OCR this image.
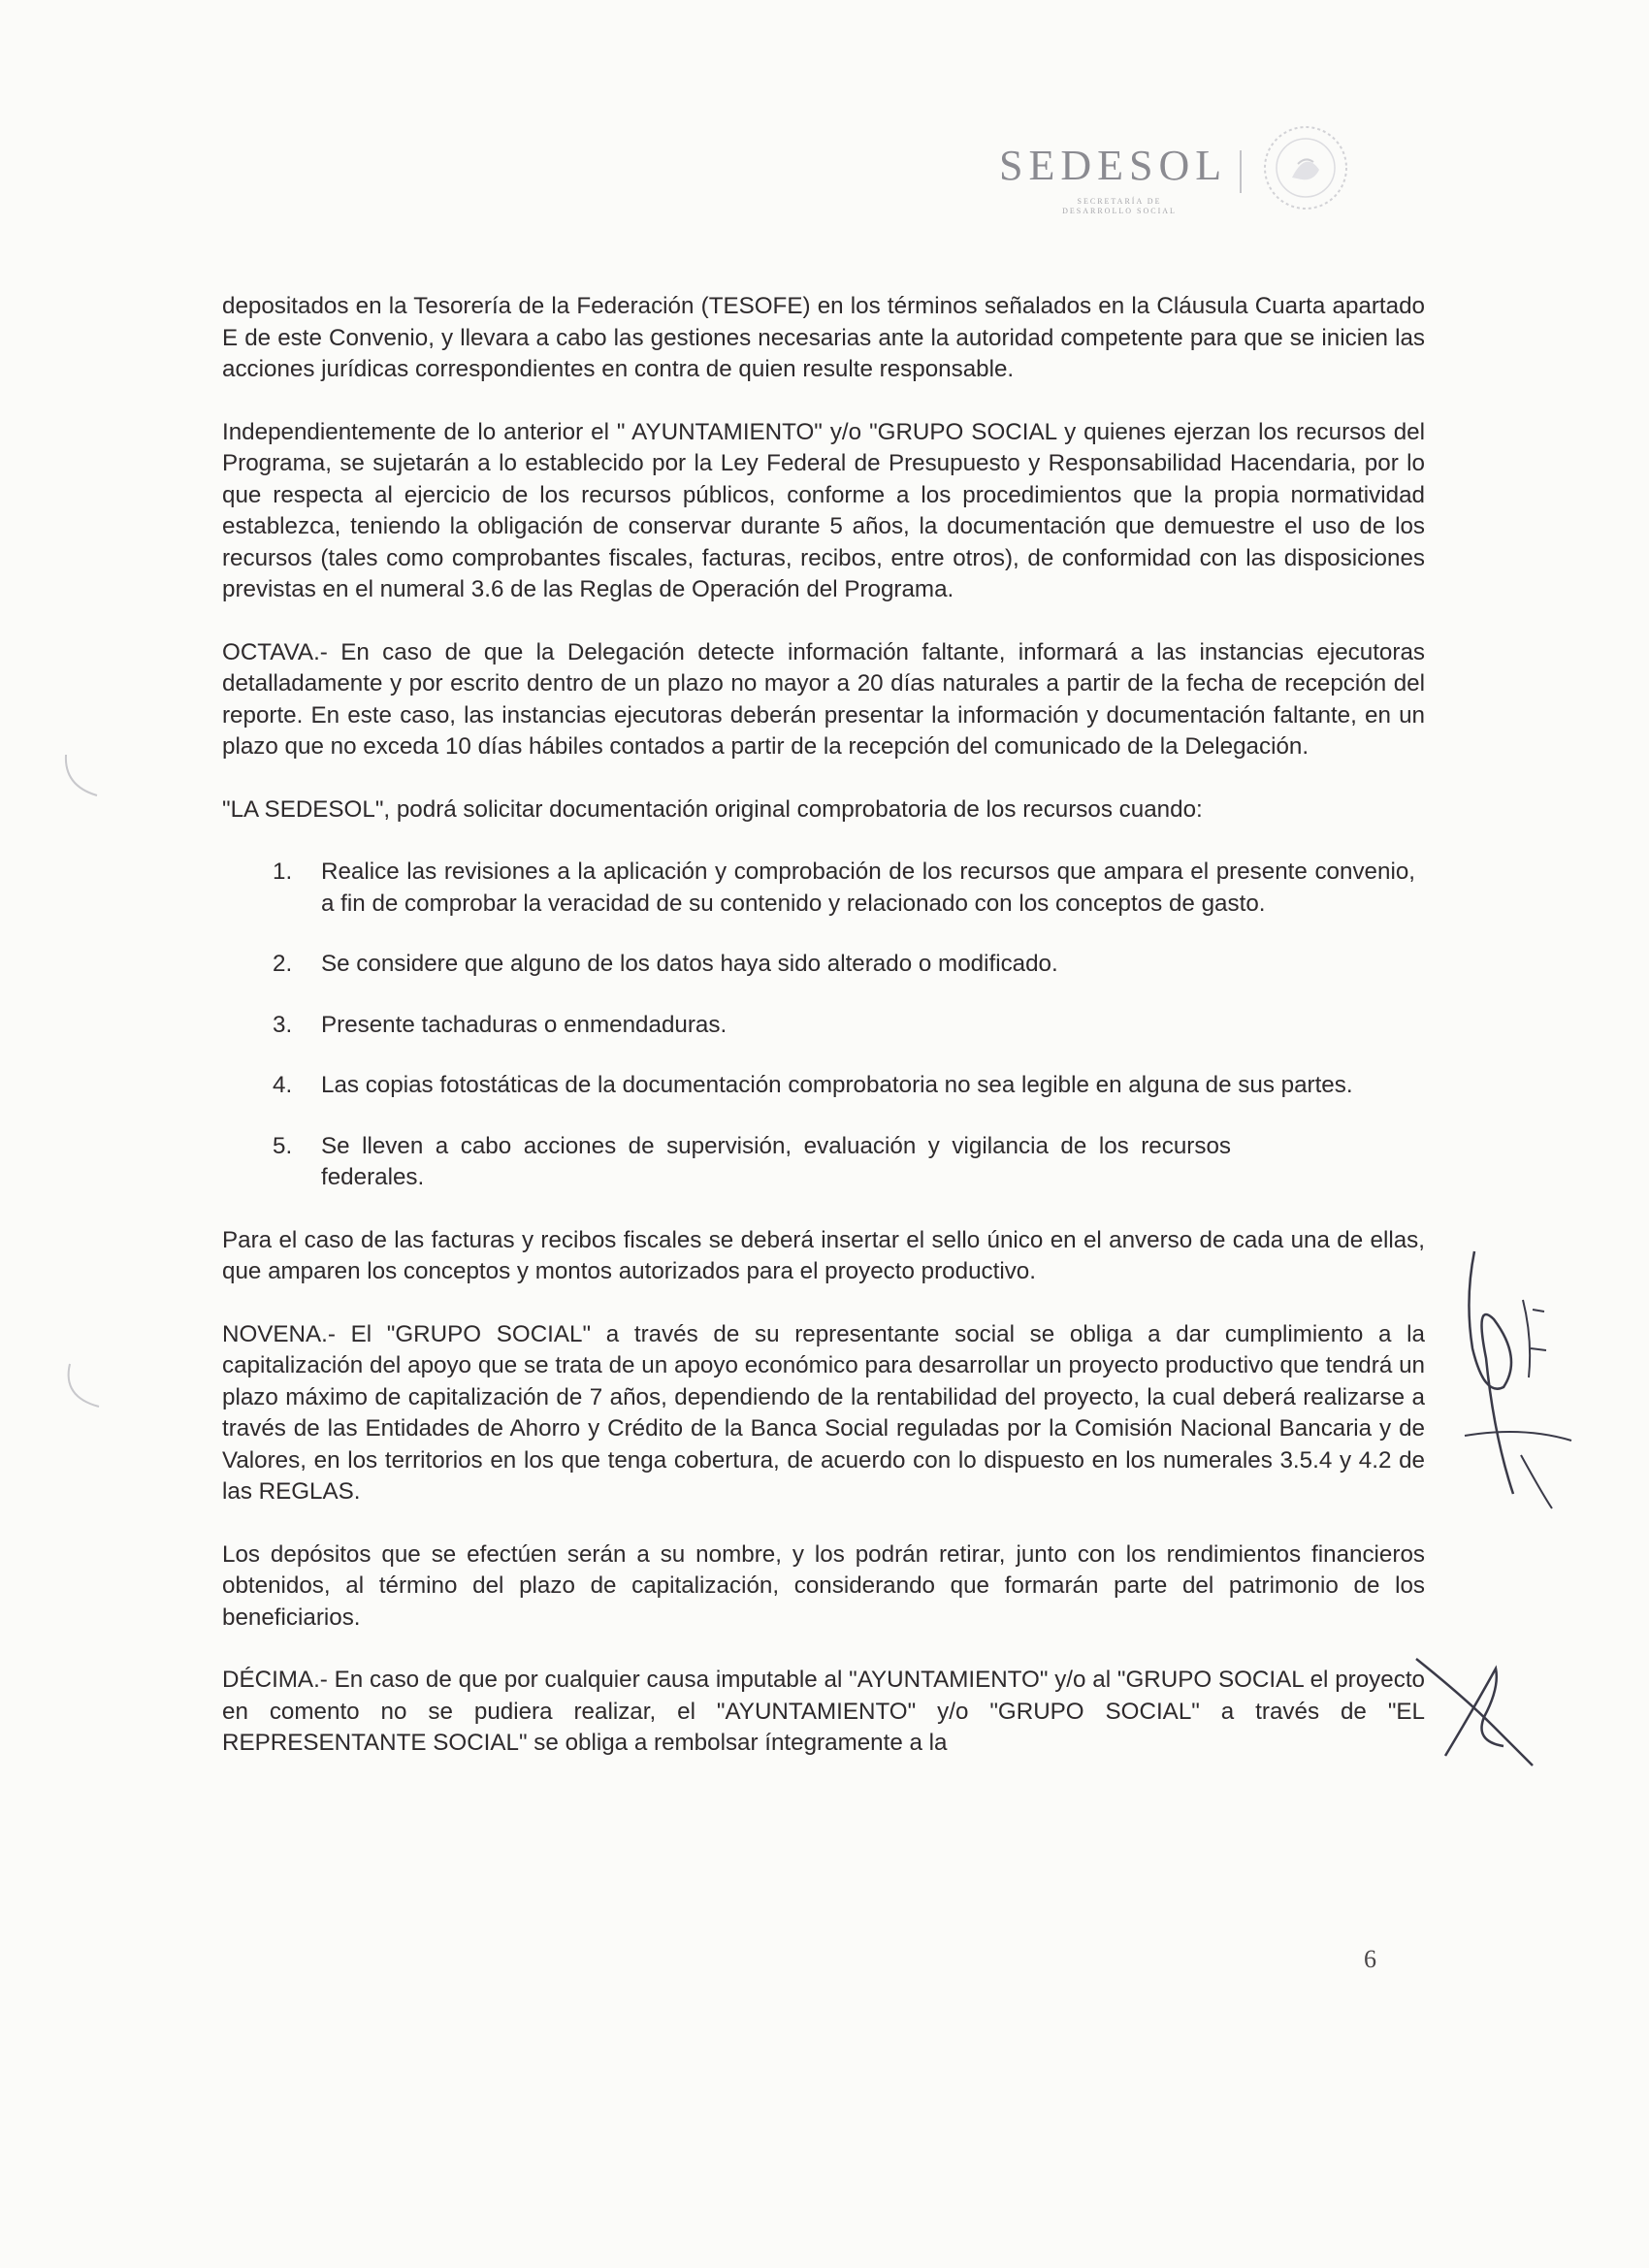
SEDESOL
SECRETARÍA DE
DESARROLLO SOCIAL

depositados en la Tesorería de la Federación (TESOFE) en los términos señalados en la Cláusula Cuarta apartado E de este Convenio, y llevara a cabo las gestiones necesarias ante la autoridad competente para que se inicien las acciones jurídicas correspondientes en contra de quien resulte responsable.

Independientemente de lo anterior el " AYUNTAMIENTO" y/o "GRUPO SOCIAL y quienes ejerzan los recursos del Programa, se sujetarán a lo establecido por la Ley Federal de Presupuesto y Responsabilidad Hacendaria, por lo que respecta al ejercicio de los recursos públicos, conforme a los procedimientos que la propia normatividad establezca, teniendo la obligación de conservar durante 5 años, la documentación que demuestre el uso de los recursos (tales como comprobantes fiscales, facturas, recibos, entre otros), de conformidad con las disposiciones previstas en el numeral 3.6 de las Reglas de Operación del Programa.

OCTAVA.- En caso de que la Delegación detecte información faltante, informará a las instancias ejecutoras detalladamente y por escrito dentro de un plazo no mayor a 20 días naturales a partir de la fecha de recepción del reporte. En este caso, las instancias ejecutoras deberán presentar la información y documentación faltante, en un plazo que no exceda 10 días hábiles contados a partir de la recepción del comunicado de la Delegación.

"LA SEDESOL", podrá solicitar documentación original comprobatoria de los recursos cuando:

1. Realice las revisiones a la aplicación y comprobación de los recursos que ampara el presente convenio, a fin de comprobar la veracidad de su contenido y relacionado con los conceptos de gasto.
2. Se considere que alguno de los datos haya sido alterado o modificado.
3. Presente tachaduras o enmendaduras.
4. Las copias fotostáticas de la documentación comprobatoria no sea legible en alguna de sus partes.
5. Se lleven a cabo acciones de supervisión, evaluación y vigilancia de los recursos federales.

Para el caso de las facturas y recibos fiscales se deberá insertar el sello único en el anverso de cada una de ellas, que amparen los conceptos y montos autorizados para el proyecto productivo.

NOVENA.- El "GRUPO SOCIAL" a través de su representante social se obliga a dar cumplimiento a la capitalización del apoyo que se trata de un apoyo económico para desarrollar un proyecto productivo que tendrá un plazo máximo de capitalización de 7 años, dependiendo de la rentabilidad del proyecto, la cual deberá realizarse a través de las Entidades de Ahorro y Crédito de la Banca Social reguladas por la Comisión Nacional Bancaria y de Valores, en los territorios en los que tenga cobertura, de acuerdo con lo dispuesto en los numerales 3.5.4 y 4.2 de las REGLAS.

Los depósitos que se efectúen serán a su nombre, y los podrán retirar, junto con los rendimientos financieros obtenidos, al término del plazo de capitalización, considerando que formarán parte del patrimonio de los beneficiarios.

DÉCIMA.- En caso de que por cualquier causa imputable al "AYUNTAMIENTO" y/o al "GRUPO SOCIAL el proyecto en comento no se pudiera realizar, el "AYUNTAMIENTO" y/o "GRUPO SOCIAL" a través de "EL REPRESENTANTE SOCIAL" se obliga a rembolsar íntegramente a la

6
